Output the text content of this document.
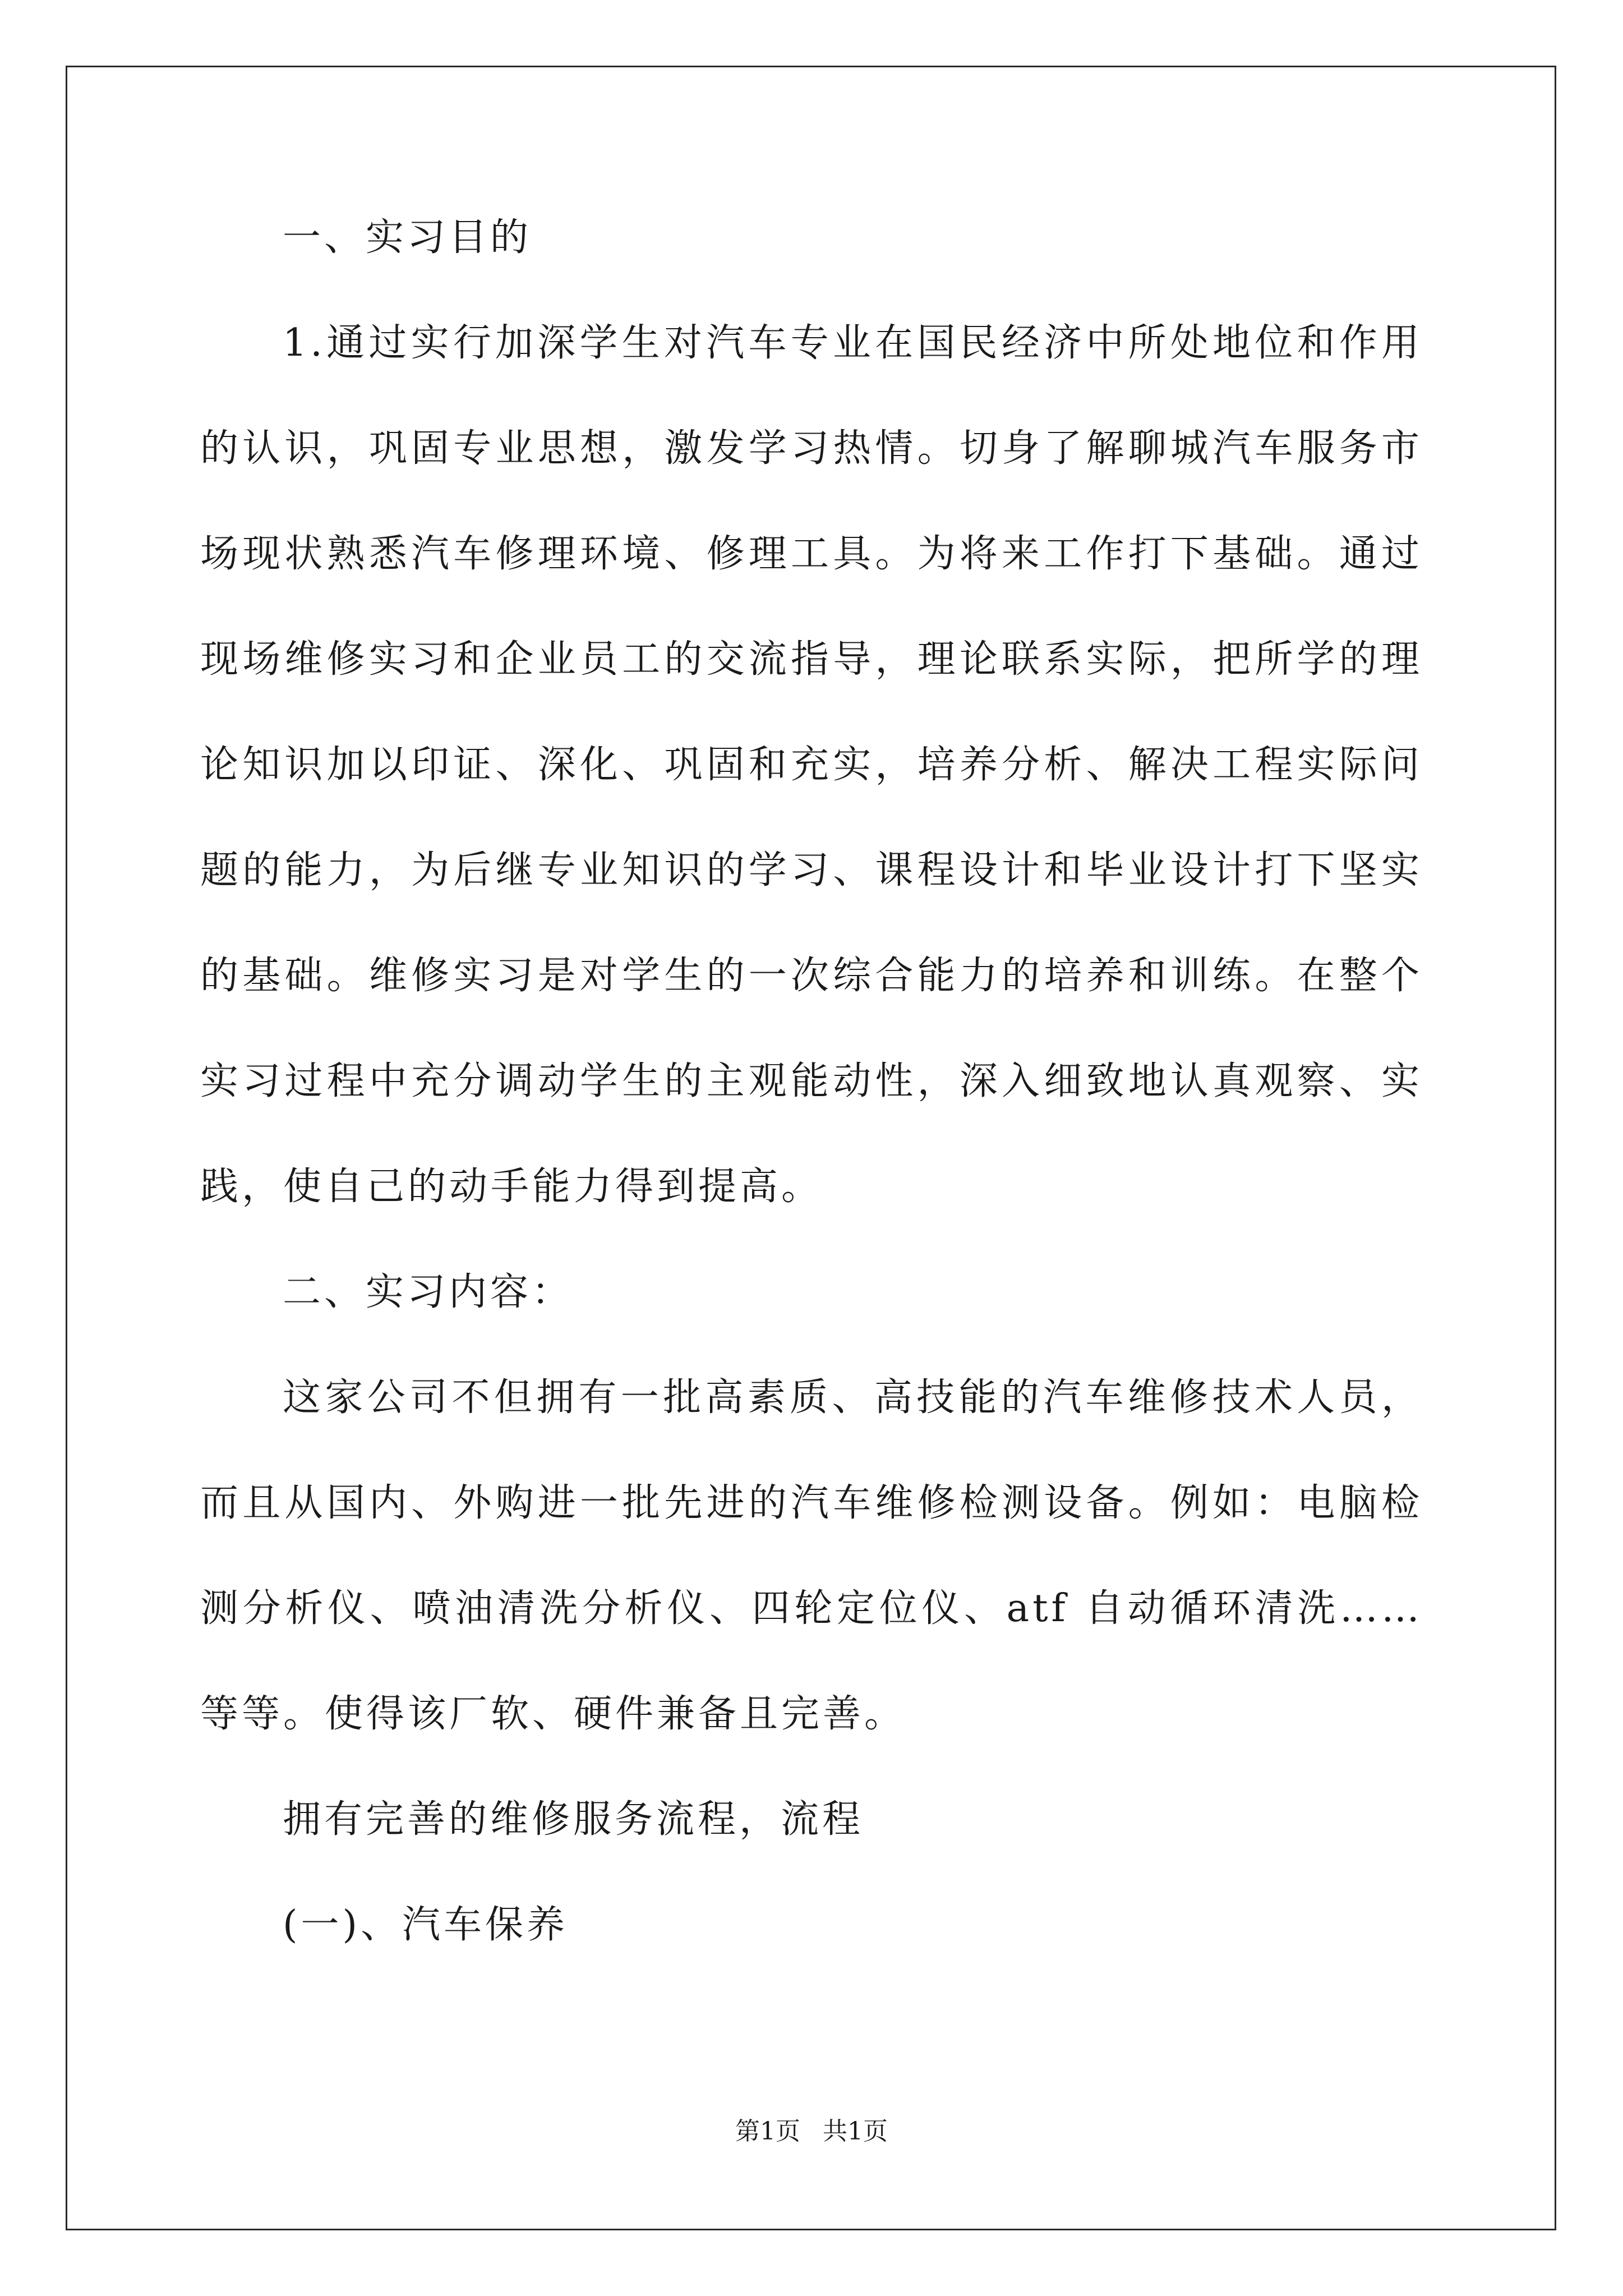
一、实习目的

1.通过实行加深学生对汽车专业在国民经济中所处地位和作用的认识，巩固专业思想，激发学习热情。切身了解聊城汽车服务市场现状熟悉汽车修理环境、修理工具。为将来工作打下基础。通过现场维修实习和企业员工的交流指导，理论联系实际，把所学的理论知识加以印证、深化、巩固和充实，培养分析、解决工程实际问题的能力，为后继专业知识的学习、课程设计和毕业设计打下坚实的基础。维修实习是对学生的一次综合能力的培养和训练。在整个实习过程中充分调动学生的主观能动性，深入细致地认真观察、实践，使自己的动手能力得到提高。

二、实习内容：

这家公司不但拥有一批高素质、高技能的汽车维修技术人员，而且从国内、外购进一批先进的汽车维修检测设备。例如：电脑检测分析仪、喷油清洗分析仪、四轮定位仪、atf 自动循环清洗……等等。使得该厂软、硬件兼备且完善。

拥有完善的维修服务流程，流程

(一)、汽车保养

第1页 共1页
